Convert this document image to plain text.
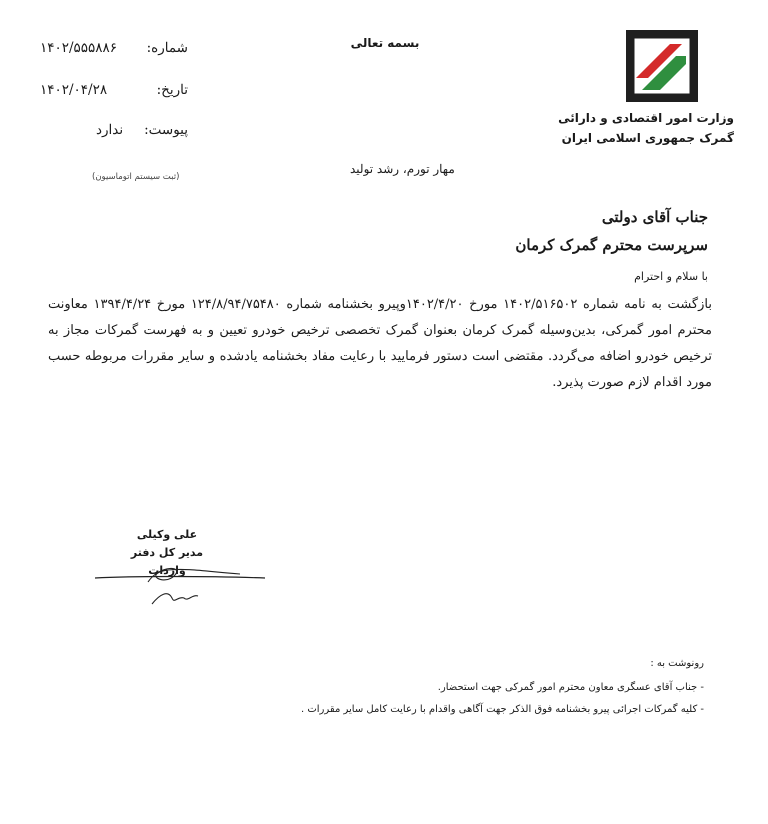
بسمه تعالی
وزارت امور اقتصادی و دارائی
گمرک جمهوری اسلامی ایران
شماره:
۱۴۰۲/۵۵۵۸۸۶
تاریخ:
۱۴۰۲/۰۴/۲۸
پیوست:
ندارد
(ثبت سیستم اتوماسیون)
مهار تورم، رشد تولید
جناب آقای دولتی
سرپرست محترم گمرک کرمان
با سلام و احترام
بازگشت به نامه شماره ۱۴۰۲/۵۱۶۵۰۲ مورخ ۱۴۰۲/۴/۲۰وپیرو بخشنامه شماره ۱۲۴/۸/۹۴/۷۵۴۸۰ مورخ ۱۳۹۴/۴/۲۴ معاونت محترم امور گمرکی، بدین‌وسیله گمرک کرمان بعنوان گمرک تخصصی ترخیص خودرو تعیین و به فهرست گمرکات مجاز به ترخیص خودرو اضافه می‌گردد. مقتضی است دستور فرمایید با رعایت مفاد بخشنامه یادشده و سایر مقررات مربوطه حسب مورد اقدام لازم صورت پذیرد.
علی وکیلی
مدیر کل دفتر واردات
رونوشت به :
- جناب آقای عسگری معاون محترم امور گمرکی جهت استحضار.
- کلیه گمرکات اجرائی پیرو بخشنامه فوق الذکر جهت آگاهی واقدام با رعایت کامل سایر مقررات .
